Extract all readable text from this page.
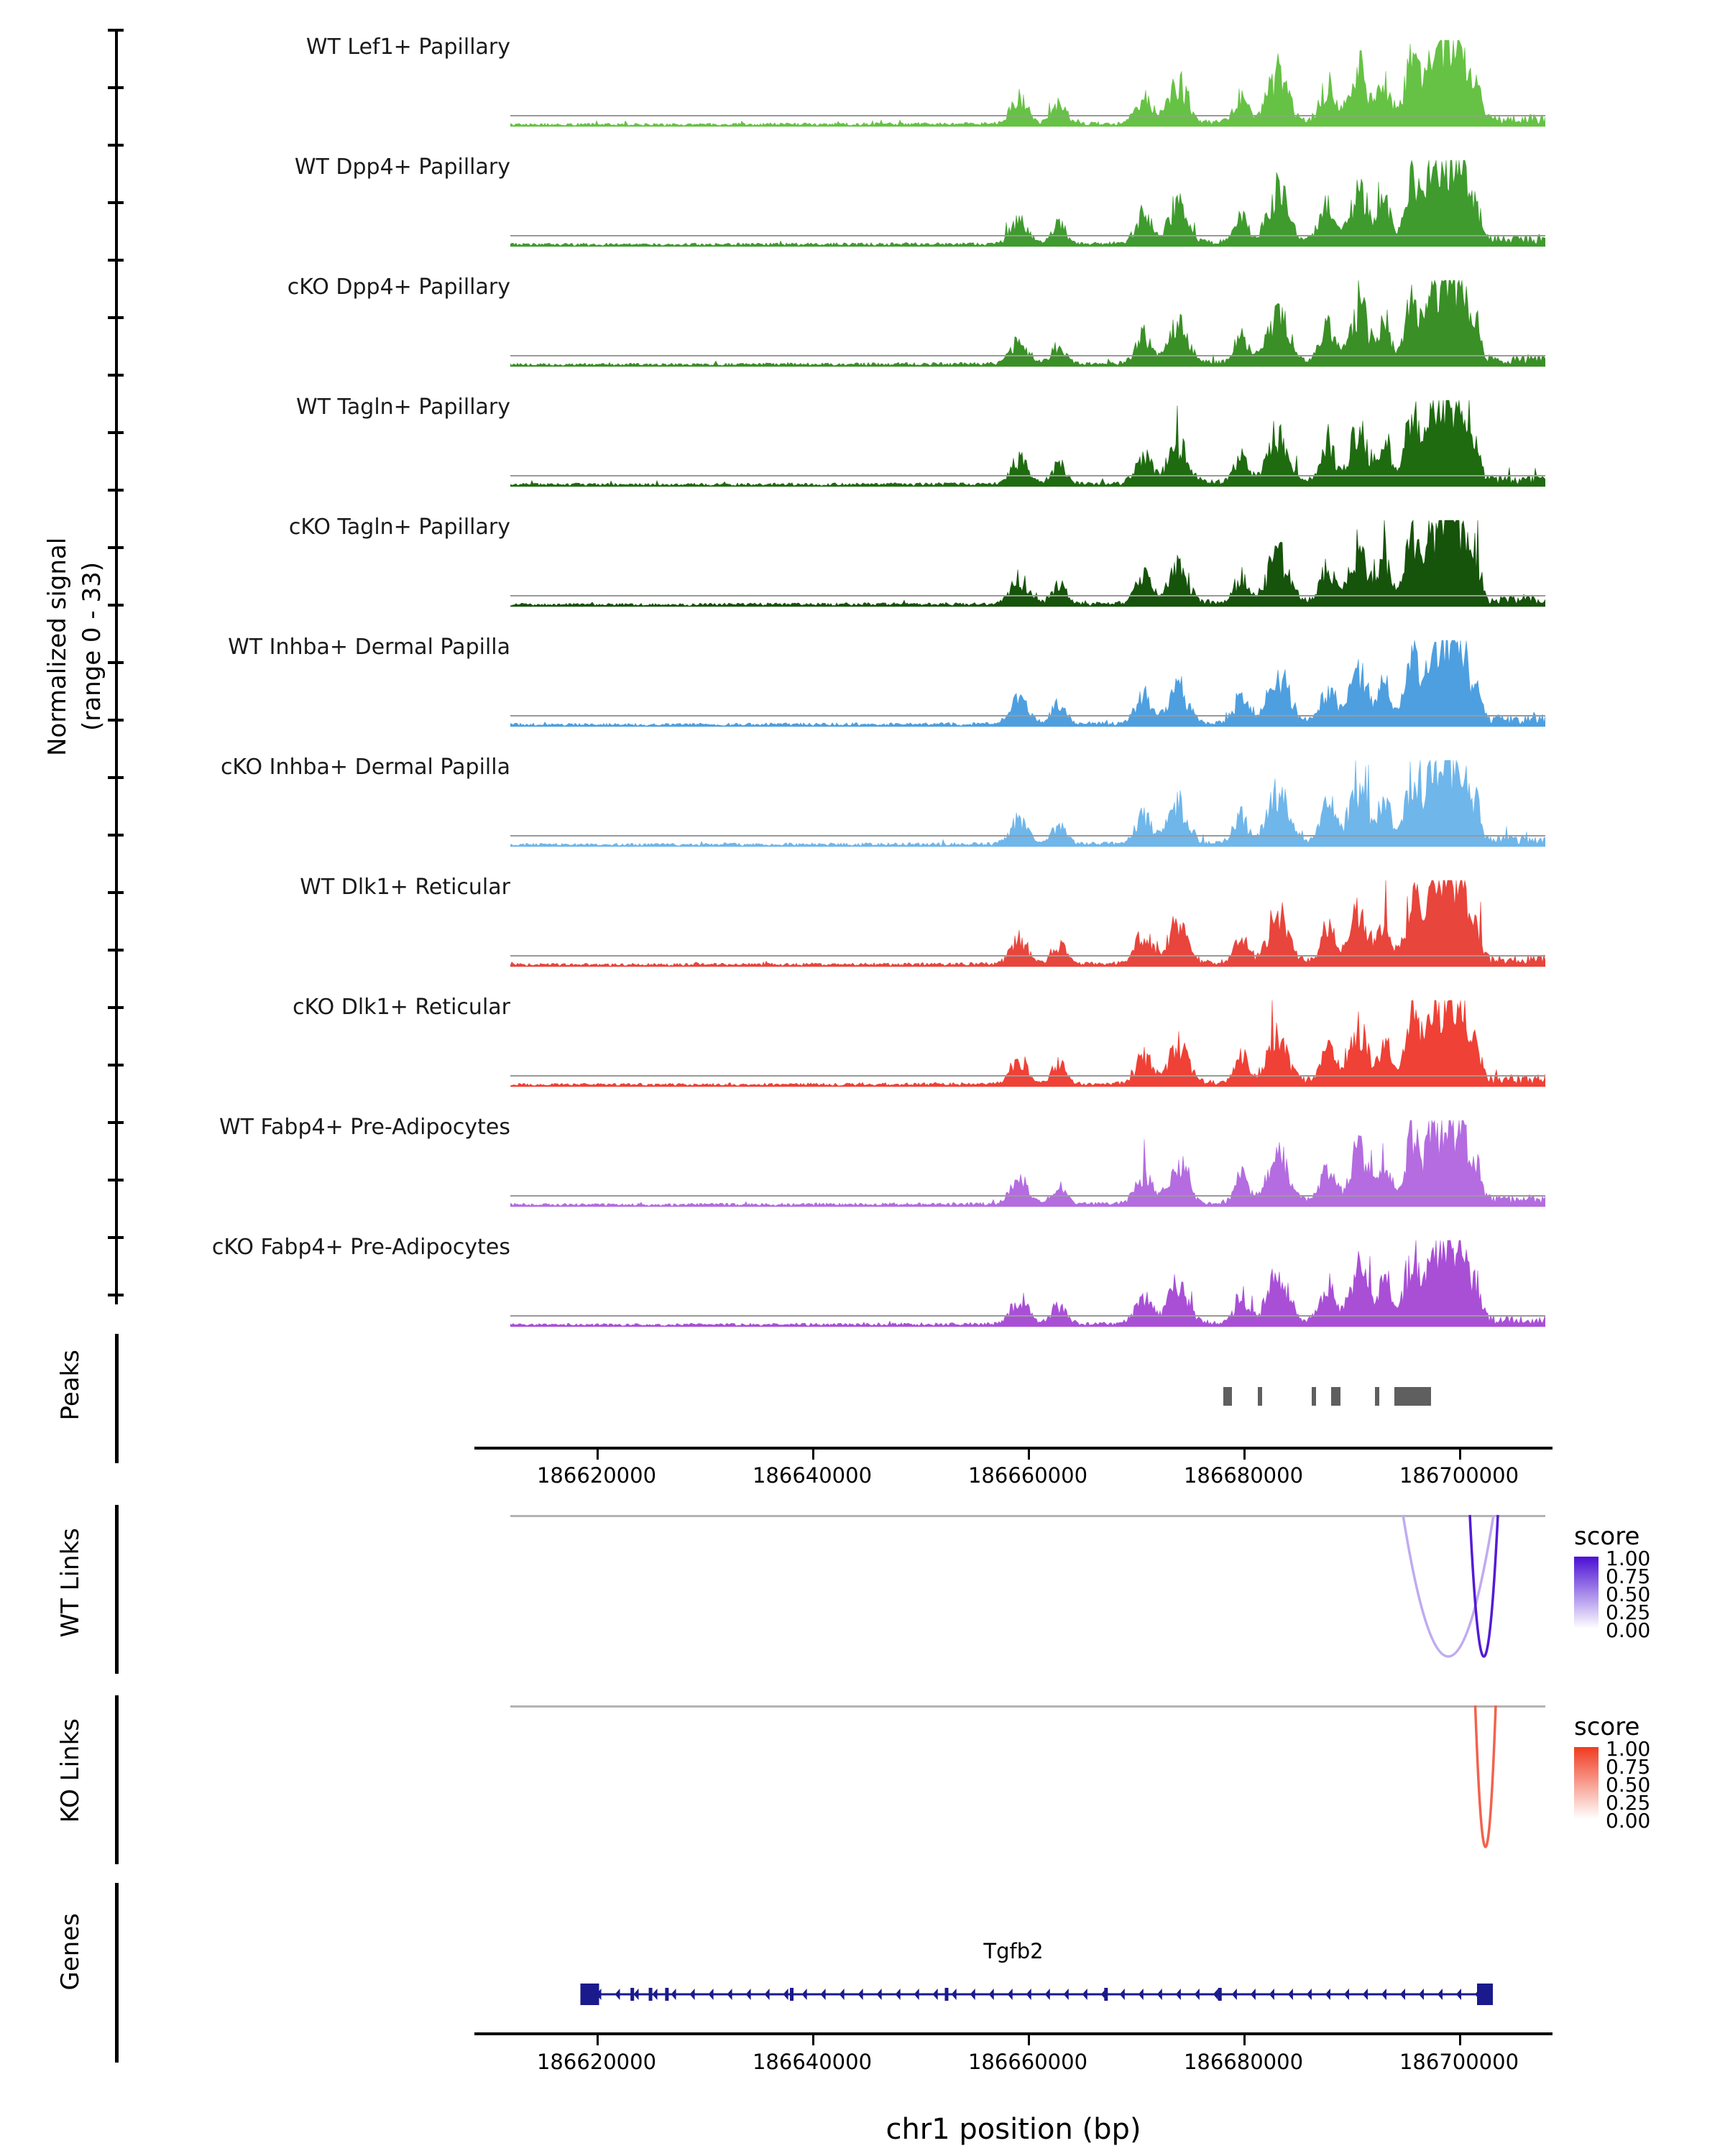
Normalized signal (range 0 - 33)
WT Lef1+ Papillary
WT Dpp4+ Papillary
cKO Dpp4+ Papillary
WT Tagln+ Papillary
cKO Tagln+ Papillary
WT Inhba+ Dermal Papilla
cKO Inhba+ Dermal Papilla
WT Dlk1+ Reticular
cKO Dlk1+ Reticular
WT Fabp4+ Pre-Adipocytes
cKO Fabp4+ Pre-Adipocytes
Peaks
186620000	186640000	186660000	186680000	186700000
WT Links	score
1.00
0.75
0.50
0.25
0.00
KO Links	score
1.00
0.75
0.50
0.25
0.00
Genes	Tgfb2
186620000	186640000	186660000	186680000	186700000
chr1 position (bp)
